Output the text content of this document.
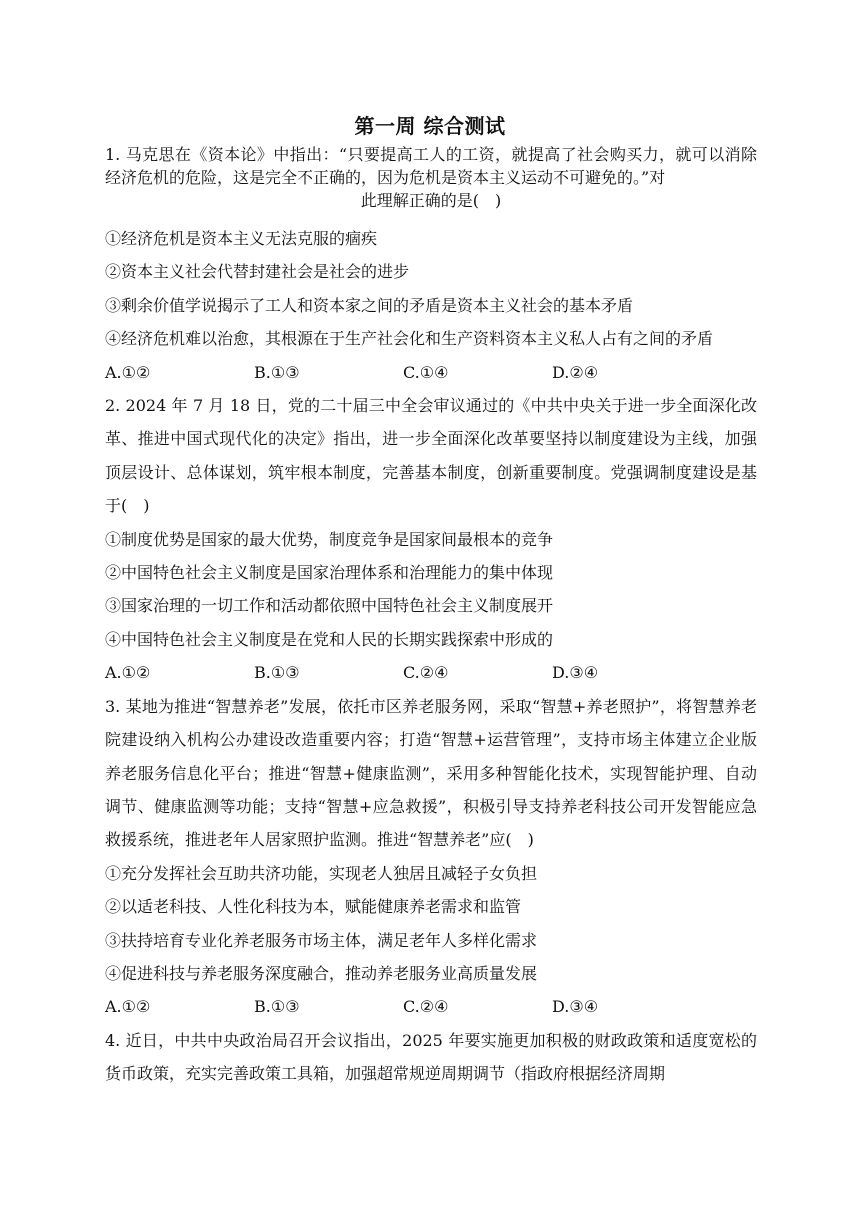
第一周 综合测试

1. 马克思在《资本论》中指出：“只要提高工人的工资，就提高了社会购买力，就可以消除经济危机的危险，这是完全不正确的，因为危机是资本主义运动不可避免的。”对
此理解正确的是(　)

①经济危机是资本主义无法克服的痼疾

②资本主义社会代替封建社会是社会的进步

③剩余价值学说揭示了工人和资本家之间的矛盾是资本主义社会的基本矛盾

④经济危机难以治愈，其根源在于生产社会化和生产资料资本主义私人占有之间的矛盾

A.①②	B.①③	C.①④	D.②④

2. 2024 年 7 月 18 日，党的二十届三中全会审议通过的《中共中央关于进一步全面深化改革、推进中国式现代化的决定》指出，进一步全面深化改革要坚持以制度建设为主线，加强顶层设计、总体谋划，筑牢根本制度，完善基本制度，创新重要制度。党强调制度建设是基于(　)

①制度优势是国家的最大优势，制度竞争是国家间最根本的竞争

②中国特色社会主义制度是国家治理体系和治理能力的集中体现

③国家治理的一切工作和活动都依照中国特色社会主义制度展开

④中国特色社会主义制度是在党和人民的长期实践探索中形成的

A.①②	B.①③	C.②④	D.③④

3. 某地为推进“智慧养老”发展，依托市区养老服务网，采取“智慧+养老照护”，将智慧养老院建设纳入机构公办建设改造重要内容；打造“智慧+运营管理”，支持市场主体建立企业版养老服务信息化平台；推进“智慧+健康监测”，采用多种智能化技术，实现智能护理、自动调节、健康监测等功能；支持“智慧+应急救援”，积极引导支持养老科技公司开发智能应急救援系统，推进老年人居家照护监测。推进“智慧养老”应(　)

①充分发挥社会互助共济功能，实现老人独居且减轻子女负担

②以适老科技、人性化科技为本，赋能健康养老需求和监管

③扶持培育专业化养老服务市场主体，满足老年人多样化需求

④促进科技与养老服务深度融合，推动养老服务业高质量发展

A.①②	B.①③	C.②④	D.③④

4. 近日，中共中央政治局召开会议指出，2025 年要实施更加积极的财政政策和适度宽松的货币政策，充实完善政策工具箱，加强超常规逆周期调节（指政府根据经济周期
